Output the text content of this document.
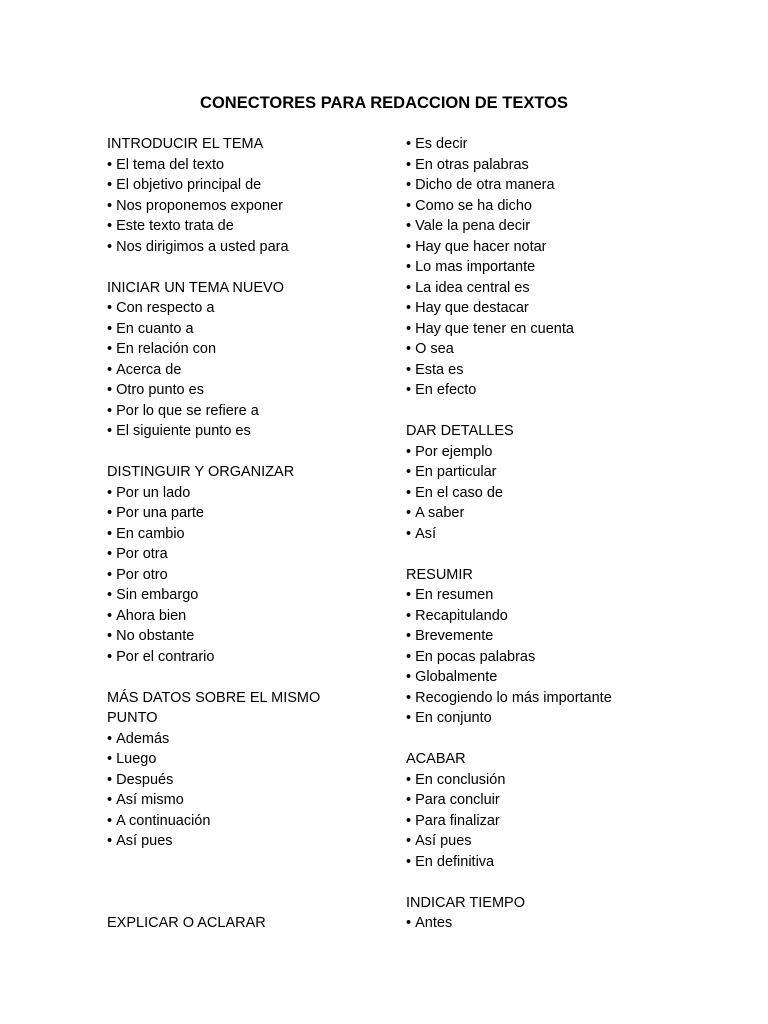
CONECTORES PARA REDACCION DE TEXTOS
INTRODUCIR EL TEMA
• El tema del texto
• El objetivo principal de
• Nos proponemos exponer
• Este texto trata de
• Nos dirigimos a usted para
INICIAR UN TEMA NUEVO
• Con respecto a
• En cuanto a
• En relación con
• Acerca de
• Otro punto es
• Por lo que se refiere a
• El siguiente punto es
DISTINGUIR Y ORGANIZAR
• Por un lado
• Por una parte
• En cambio
• Por otra
• Por otro
• Sin embargo
• Ahora bien
• No obstante
• Por el contrario
MÁS DATOS SOBRE EL MISMO PUNTO
• Además
• Luego
• Después
• Así mismo
• A continuación
• Así pues
EXPLICAR O ACLARAR
• Es decir
• En otras palabras
• Dicho de otra manera
• Como se ha dicho
• Vale la pena decir
• Hay que hacer notar
• Lo mas importante
• La idea central es
• Hay que destacar
• Hay que tener en cuenta
• O sea
• Esta es
• En efecto
DAR DETALLES
• Por ejemplo
• En particular
• En el caso de
• A saber
• Así
RESUMIR
• En resumen
• Recapitulando
• Brevemente
• En pocas palabras
• Globalmente
• Recogiendo lo más importante
• En conjunto
ACABAR
• En conclusión
• Para concluir
• Para finalizar
• Así pues
• En definitiva
INDICAR TIEMPO
• Antes
